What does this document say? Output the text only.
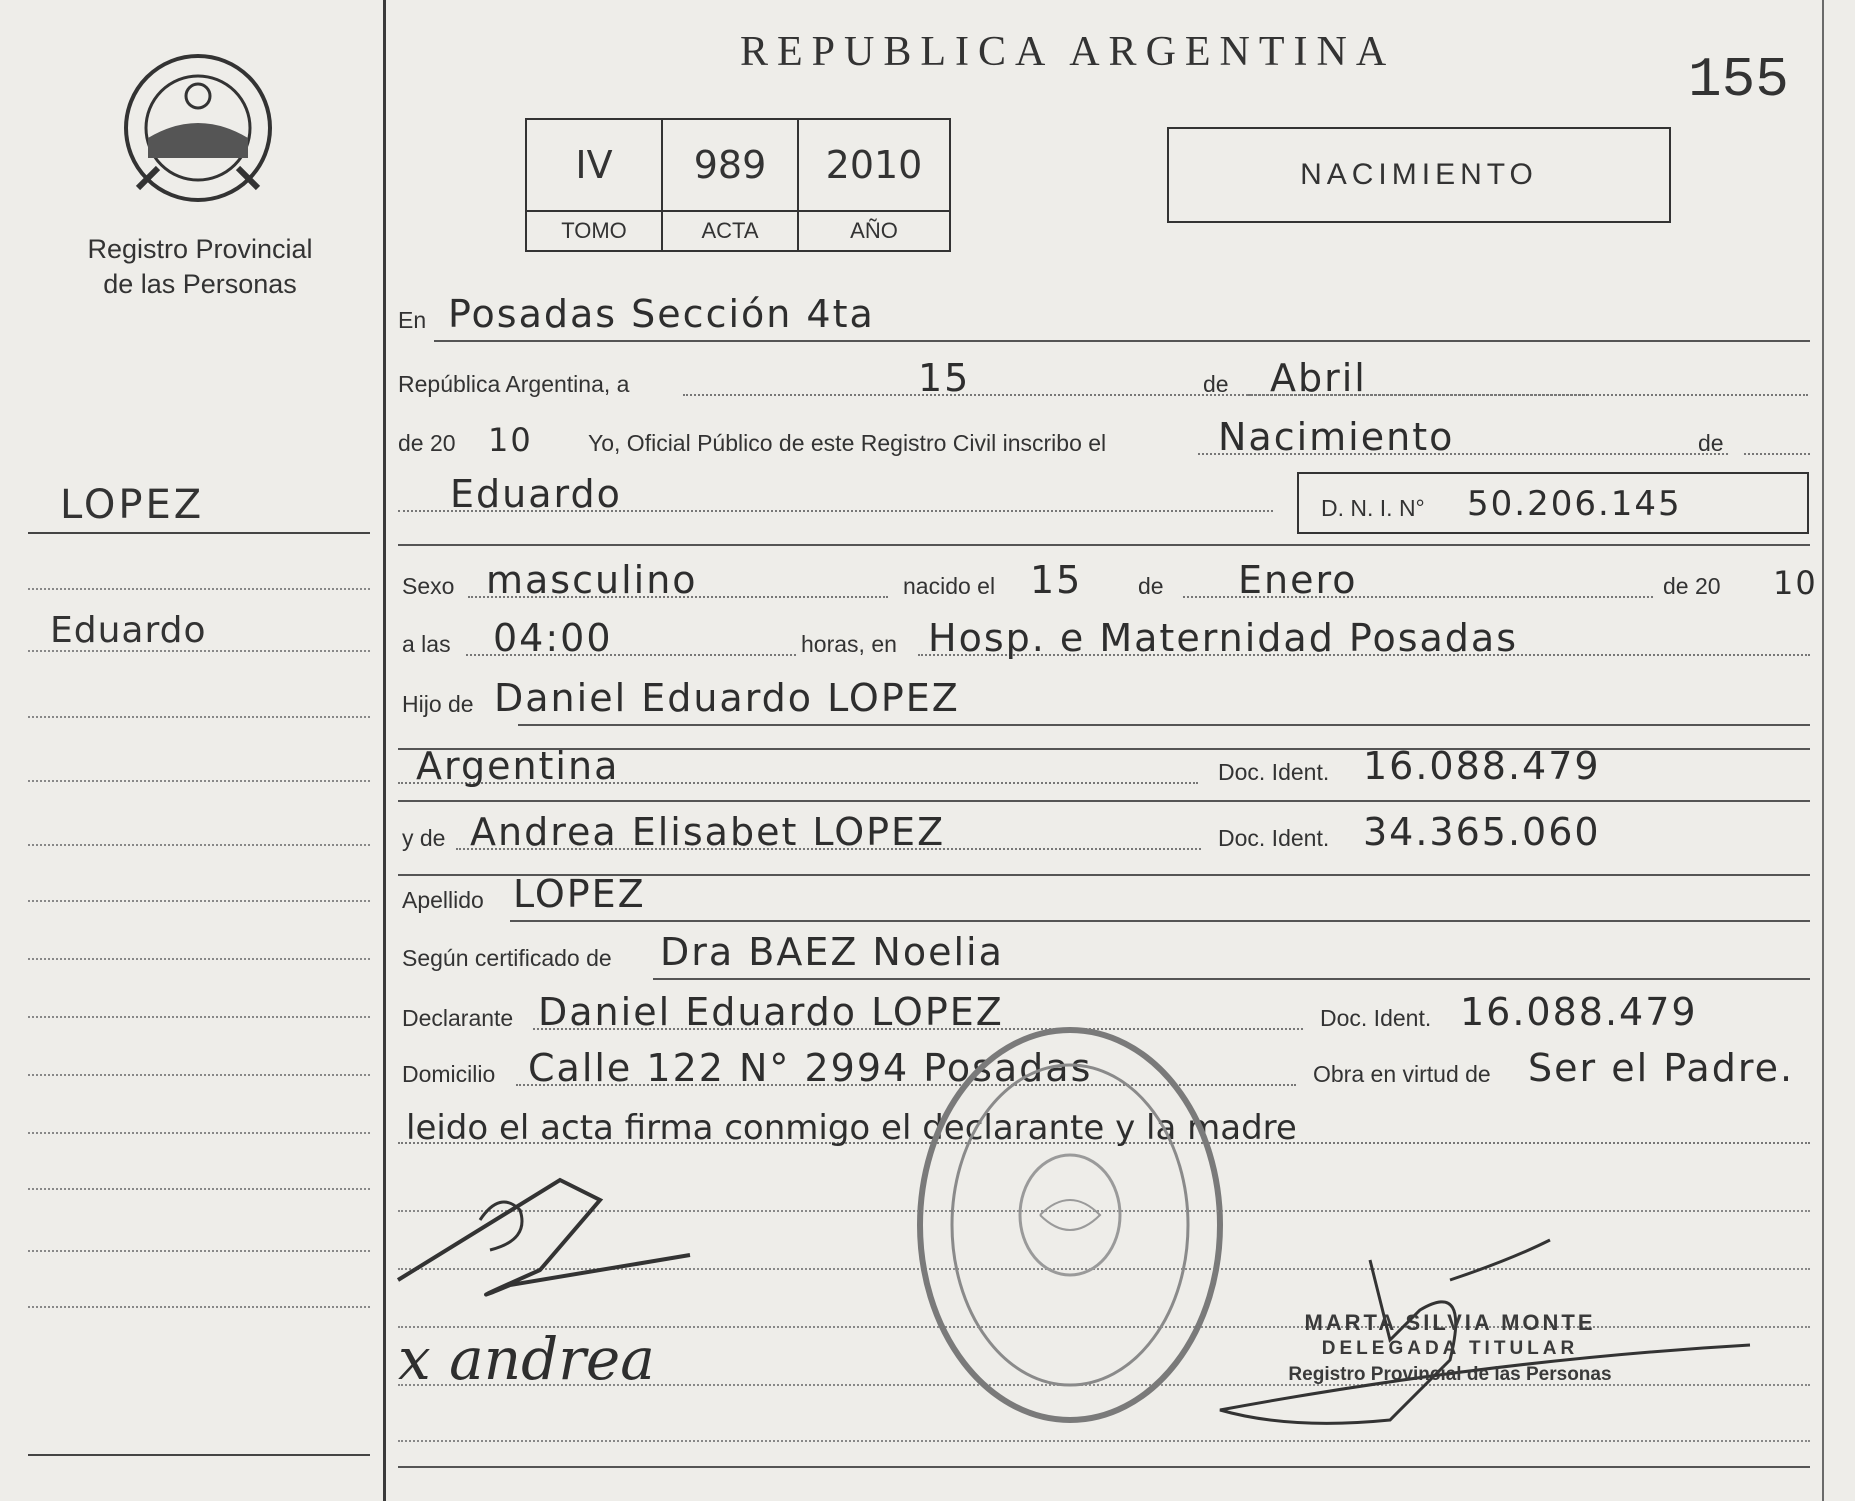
Registro Provincial
de las Personas
LOPEZ
Eduardo
REPUBLICA ARGENTINA	155
IV	989	2010
TOMO	ACTA	AÑO
NACIMIENTO
En Posadas Sección 4ta
República Argentina, a	15	de Abril
de 20 10 Yo, Oficial Público de este Registro Civil inscribo el	Nacimiento	de
Eduardo	D. N. I. N° 50.206.145
Sexo masculino	nacido el 15 de Enero	de 20 10
a las 04:00	horas, en Hosp. e Maternidad Posadas
Hijo de Daniel Eduardo LOPEZ
Argentina	Doc. Ident. 16.088.479
y de Andrea Elisabet LOPEZ	Doc. Ident. 34.365.060
Apellido LOPEZ
Según certificado de Dra BAEZ Noelia
Declarante Daniel Eduardo LOPEZ	Doc. Ident. 16.088.479
Domicilio Calle 122 N° 2994 Posadas	Obra en virtud de Ser el Padre.
leido el acta firma conmigo el declarante y la madre
x andrea
MARTA SILVIA MONTE
DELEGADA TITULAR
Registro Provincial de las Personas
